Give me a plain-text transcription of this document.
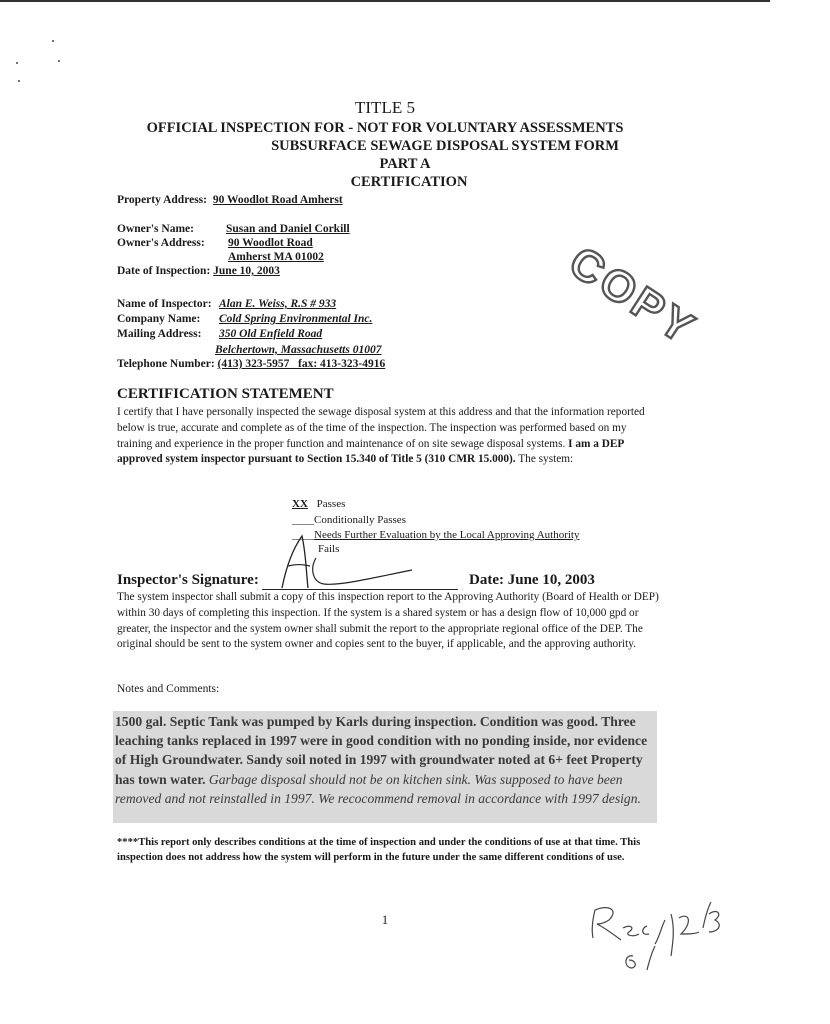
TITLE 5
OFFICIAL INSPECTION FOR - NOT FOR VOLUNTARY ASSESSMENTS
SUBSURFACE SEWAGE DISPOSAL SYSTEM FORM
PART A
CERTIFICATION
Property Address: 90 Woodlot Road Amherst
Owner's Name:	Susan and Daniel Corkill
Owner's Address: 90 Woodlot Road
Amherst MA 01002
Date of Inspection: June 10, 2003	COPY
Name of Inspector: Alan E. Weiss, R.S # 933
Company Name: Cold Spring Environmental Inc.
Mailing Address: 350 Old Enfield Road
Belchertown, Massachusetts 01007
Telephone Number: (413) 323-5957   fax: 413-323-4916
CERTIFICATION STATEMENT
I certify that I have personally inspected the sewage disposal system at this address and that the information reported below is true, accurate and complete as of the time of the inspection. The inspection was performed based on my training and experience in the proper function and maintenance of on site sewage disposal systems. I am a DEP approved system inspector pursuant to Section 15.340 of Title 5 (310 CMR 15.000). The system:
XX Passes
____Conditionally Passes
____Needs Further Evaluation by the Local Approving Authority
Fails
Inspector's Signature:	Date: June 10, 2003
The system inspector shall submit a copy of this inspection report to the Approving Authority (Board of Health or DEP) within 30 days of completing this inspection. If the system is a shared system or has a design flow of 10,000 gpd or greater, the inspector and the system owner shall submit the report to the appropriate regional office of the DEP. The original should be sent to the system owner and copies sent to the buyer, if applicable, and the approving authority.
Notes and Comments:
1500 gal. Septic Tank was pumped by Karls during inspection. Condition was good. Three leaching tanks replaced in 1997 were in good condition with no ponding inside, nor evidence of High Groundwater. Sandy soil noted in 1997 with groundwater noted at 6+ feet Property has town water. Garbage disposal should not be on kitchen sink. Was supposed to have been removed and not reinstalled in 1997. We recocommend removal in accordance with 1997 design.
****This report only describes conditions at the time of inspection and under the conditions of use at that time. This inspection does not address how the system will perform in the future under the same different conditions of use.
1
